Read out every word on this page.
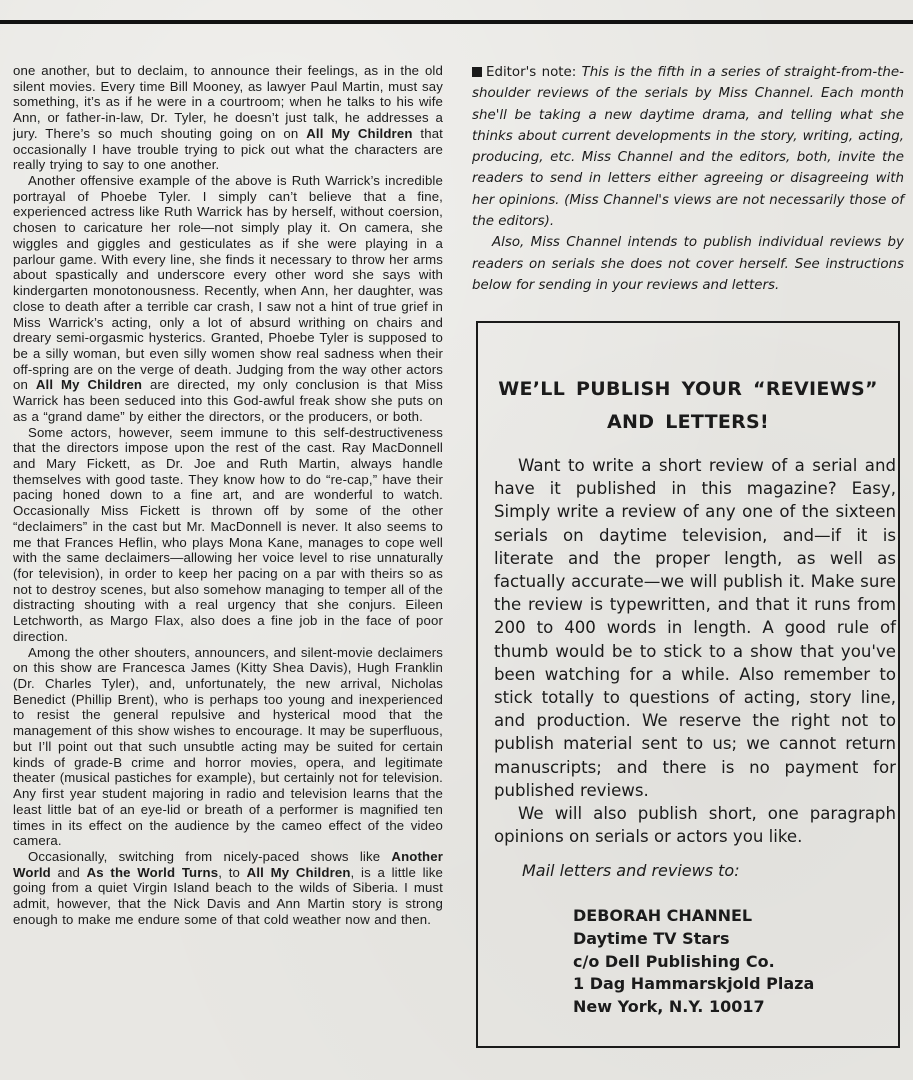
one another, but to declaim, to announce their feelings, as in the old silent movies. Every time Bill Mooney, as lawyer Paul Martin, must say something, it’s as if he were in a courtroom; when he talks to his wife Ann, or father-in-law, Dr. Tyler, he doesn’t just talk, he addresses a jury. There’s so much shouting going on on All My Children that occasionally I have trouble trying to pick out what the characters are really trying to say to one another.

Another offensive example of the above is Ruth Warrick’s incredible portrayal of Phoebe Tyler. I simply can’t believe that a fine, experienced actress like Ruth Warrick has by herself, without coersion, chosen to caricature her role—not simply play it. On camera, she wiggles and giggles and gesticulates as if she were playing in a parlour game. With every line, she finds it necessary to throw her arms about spastically and underscore every other word she says with kindergarten monotonousness. Recently, when Ann, her daughter, was close to death after a terrible car crash, I saw not a hint of true grief in Miss Warrick’s acting, only a lot of absurd writhing on chairs and dreary semi-orgasmic hysterics. Granted, Phoebe Tyler is supposed to be a silly woman, but even silly women show real sadness when their off-spring are on the verge of death. Judging from the way other actors on All My Children are directed, my only conclusion is that Miss Warrick has been seduced into this God-awful freak show she puts on as a “grand dame” by either the directors, or the producers, or both.

Some actors, however, seem immune to this self-destructiveness that the directors impose upon the rest of the cast. Ray MacDonnell and Mary Fickett, as Dr. Joe and Ruth Martin, always handle themselves with good taste. They know how to do “re-cap,” have their pacing honed down to a fine art, and are wonderful to watch. Occasionally Miss Fickett is thrown off by some of the other “declaimers” in the cast but Mr. MacDonnell is never. It also seems to me that Frances Heflin, who plays Mona Kane, manages to cope well with the same declaimers—allowing her voice level to rise unnaturally (for television), in order to keep her pacing on a par with theirs so as not to destroy scenes, but also somehow managing to temper all of the distracting shouting with a real urgency that she conjurs. Eileen Letchworth, as Margo Flax, also does a fine job in the face of poor direction.

Among the other shouters, announcers, and silent-movie declaimers on this show are Francesca James (Kitty Shea Davis), Hugh Franklin (Dr. Charles Tyler), and, unfortunately, the new arrival, Nicholas Benedict (Phillip Brent), who is perhaps too young and inexperienced to resist the general repulsive and hysterical mood that the management of this show wishes to encourage. It may be superfluous, but I’ll point out that such unsubtle acting may be suited for certain kinds of grade-B crime and horror movies, opera, and legitimate theater (musical pastiches for example), but certainly not for television. Any first year student majoring in radio and television learns that the least little bat of an eye-lid or breath of a performer is magnified ten times in its effect on the audience by the cameo effect of the video camera.

Occasionally, switching from nicely-paced shows like Another World and As the World Turns, to All My Children, is a little like going from a quiet Virgin Island beach to the wilds of Siberia. I must admit, however, that the Nick Davis and Ann Martin story is strong enough to make me endure some of that cold weather now and then.

Editor's note: This is the fifth in a series of straight-from-the-shoulder reviews of the serials by Miss Channel. Each month she'll be taking a new daytime drama, and telling what she thinks about current developments in the story, writing, acting, producing, etc. Miss Channel and the editors, both, invite the readers to send in letters either agreeing or disagreeing with her opinions. (Miss Channel's views are not necessarily those of the editors).

Also, Miss Channel intends to publish individual reviews by readers on serials she does not cover herself. See instructions below for sending in your reviews and letters.

WE’LL PUBLISH YOUR “REVIEWS”
AND LETTERS!

Want to write a short review of a serial and have it published in this magazine? Easy, Simply write a review of any one of the sixteen serials on daytime television, and—if it is literate and the proper length, as well as factually accurate—we will publish it. Make sure the review is typewritten, and that it runs from 200 to 400 words in length. A good rule of thumb would be to stick to a show that you've been watching for a while. Also remember to stick totally to questions of acting, story line, and production. We reserve the right not to publish material sent to us; we cannot return manuscripts; and there is no payment for published reviews.

We will also publish short, one paragraph opinions on serials or actors you like.

Mail letters and reviews to:
DEBORAH CHANNEL
Daytime TV Stars
c/o Dell Publishing Co.
1 Dag Hammarskjold Plaza
New York, N.Y. 10017
